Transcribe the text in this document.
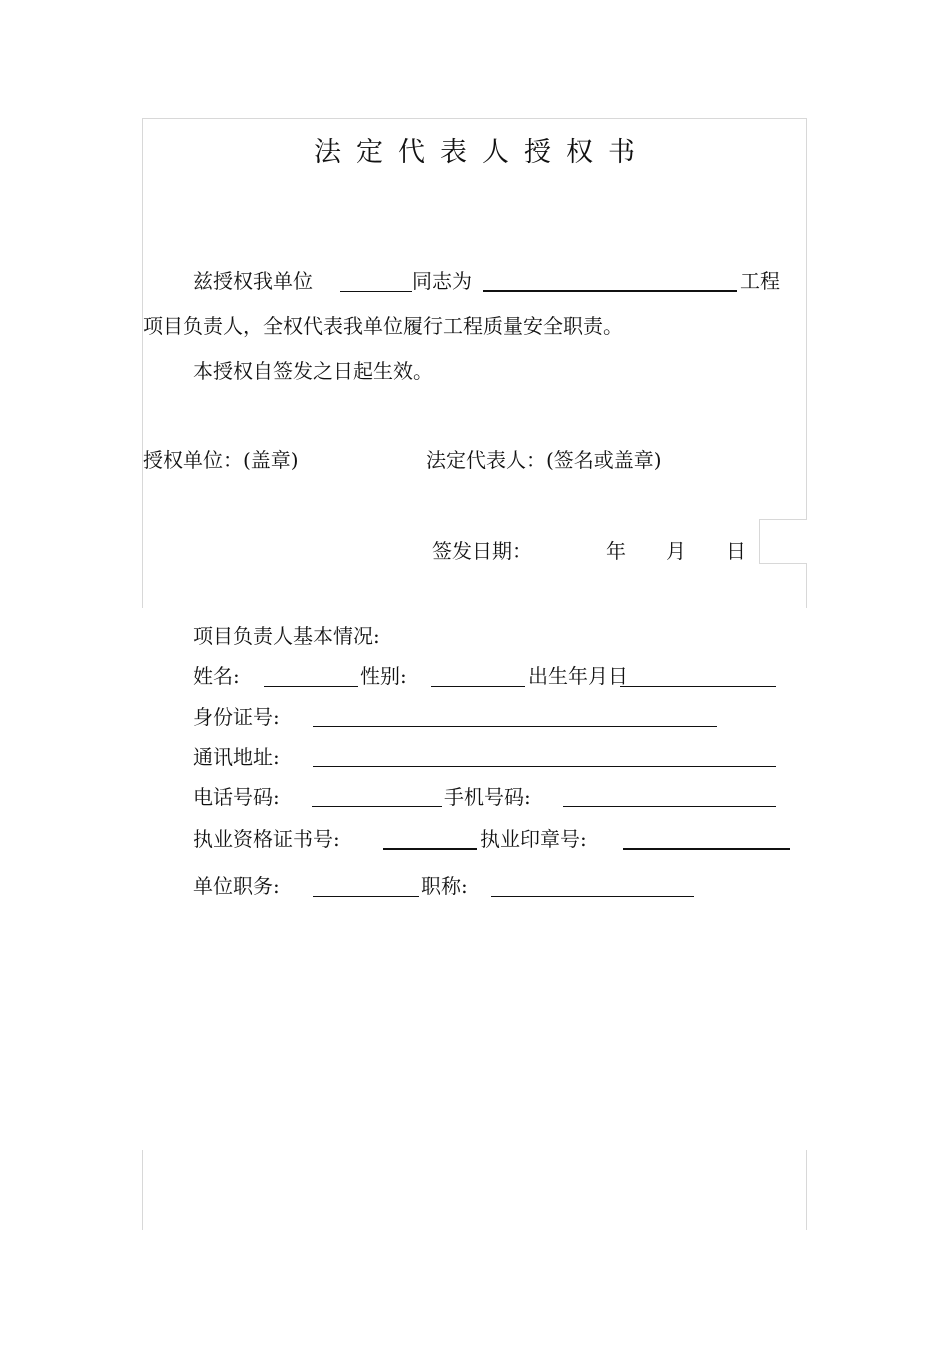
法定代表人授权书
兹授权我单位	同志为	工程
项目负责人，全权代表我单位履行工程质量安全职责。
本授权自签发之日起生效。
授权单位：(盖章)	法定代表人：(签名或盖章)
签发日期：	年 月 日
项目负责人基本情况:
姓名:	性别:	出生年月日
身份证号:
通讯地址:
电话号码:	手机号码:
执业资格证书号:	执业印章号:
单位职务:	职称:
